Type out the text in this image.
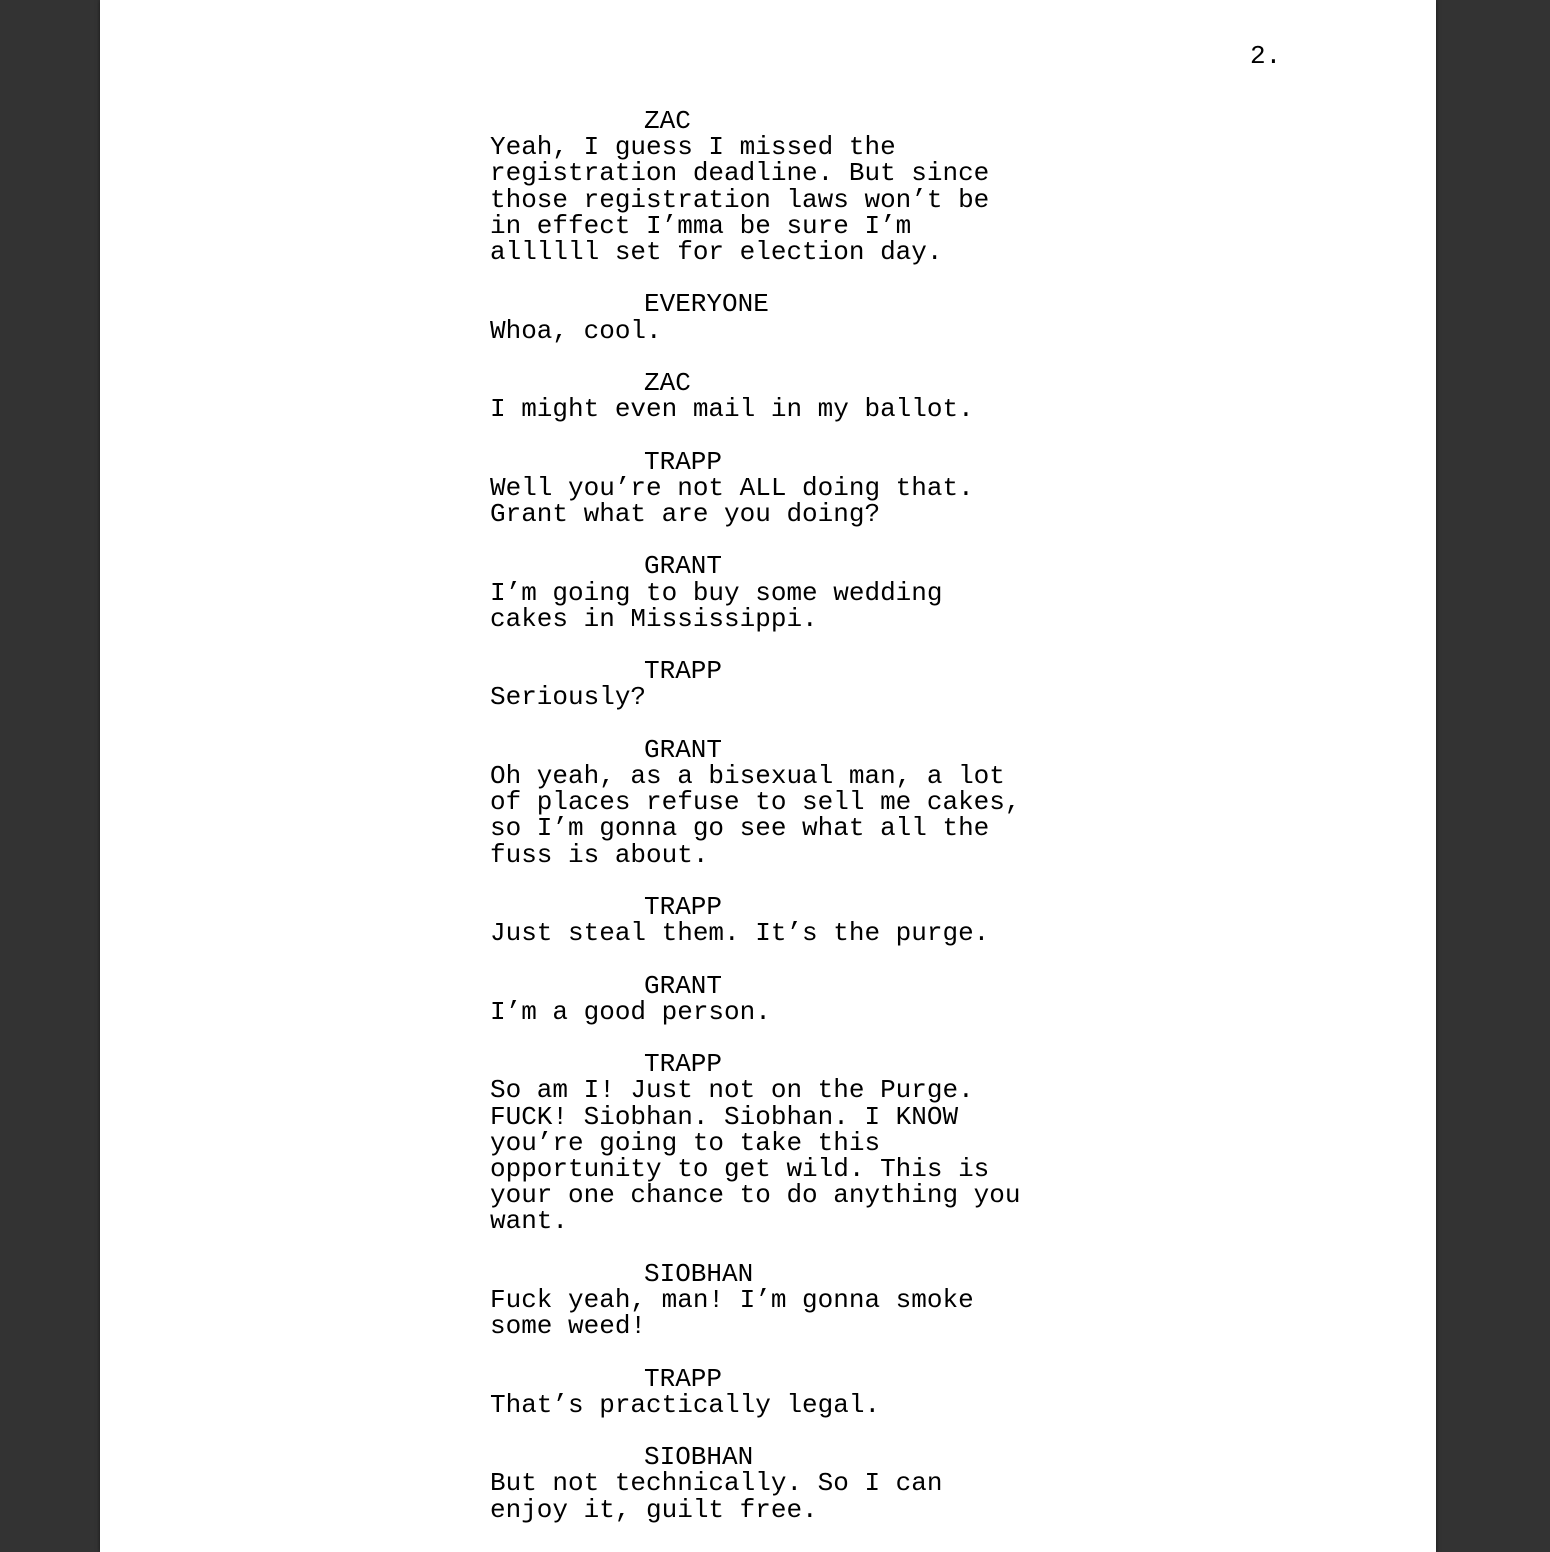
2.
ZAC
Yeah, I guess I missed the
registration deadline. But since
those registration laws won’t be
in effect I’mma be sure I’m
allllll set for election day.
EVERYONE
Whoa, cool.
ZAC
I might even mail in my ballot.
TRAPP
Well you’re not ALL doing that.
Grant what are you doing?
GRANT
I’m going to buy some wedding
cakes in Mississippi.
TRAPP
Seriously?
GRANT
Oh yeah, as a bisexual man, a lot
of places refuse to sell me cakes,
so I’m gonna go see what all the
fuss is about.
TRAPP
Just steal them. It’s the purge.
GRANT
I’m a good person.
TRAPP
So am I! Just not on the Purge.
FUCK! Siobhan. Siobhan. I KNOW
you’re going to take this
opportunity to get wild. This is
your one chance to do anything you
want.
SIOBHAN
Fuck yeah, man! I’m gonna smoke
some weed!
TRAPP
That’s practically legal.
SIOBHAN
But not technically. So I can
enjoy it, guilt free.
